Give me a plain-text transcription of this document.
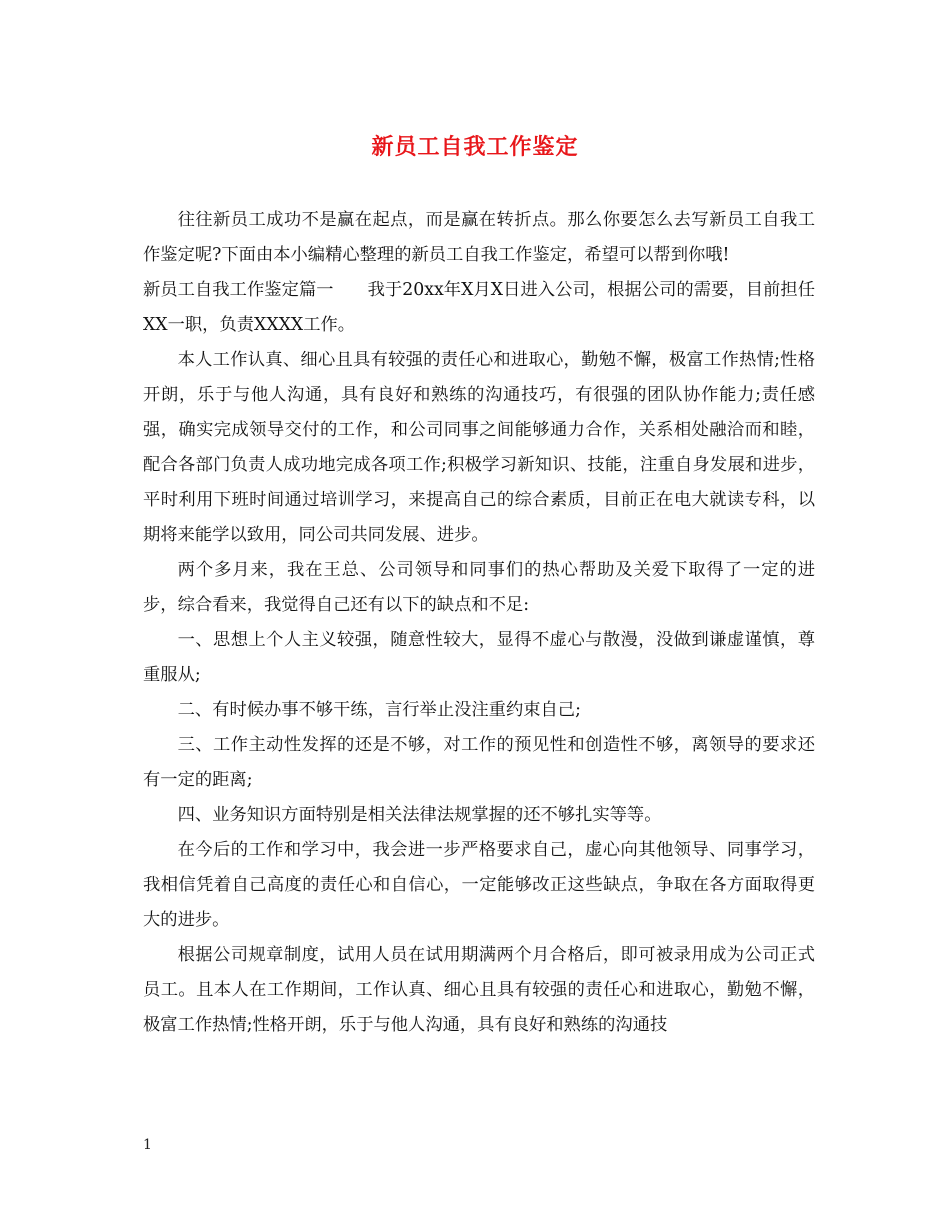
新员工自我工作鉴定

往往新员工成功不是赢在起点，而是赢在转折点。那么你要怎么去写新员工自我工作鉴定呢?下面由本小编精心整理的新员工自我工作鉴定，希望可以帮到你哦!

新员工自我工作鉴定篇一 我于20xx年X月X日进入公司，根据公司的需要，目前担任XX一职，负责XXXX工作。

本人工作认真、细心且具有较强的责任心和进取心，勤勉不懈，极富工作热情;性格开朗，乐于与他人沟通，具有良好和熟练的沟通技巧，有很强的团队协作能力;责任感强，确实完成领导交付的工作，和公司同事之间能够通力合作，关系相处融洽而和睦，配合各部门负责人成功地完成各项工作;积极学习新知识、技能，注重自身发展和进步，平时利用下班时间通过培训学习，来提高自己的综合素质，目前正在电大就读专科，以期将来能学以致用，同公司共同发展、进步。

两个多月来，我在王总、公司领导和同事们的热心帮助及关爱下取得了一定的进步，综合看来，我觉得自己还有以下的缺点和不足:

一、思想上个人主义较强，随意性较大，显得不虚心与散漫，没做到谦虚谨慎，尊重服从;

二、有时候办事不够干练，言行举止没注重约束自己;

三、工作主动性发挥的还是不够，对工作的预见性和创造性不够，离领导的要求还有一定的距离;

四、业务知识方面特别是相关法律法规掌握的还不够扎实等等。

在今后的工作和学习中，我会进一步严格要求自己，虚心向其他领导、同事学习，我相信凭着自己高度的责任心和自信心，一定能够改正这些缺点，争取在各方面取得更大的进步。

根据公司规章制度，试用人员在试用期满两个月合格后，即可被录用成为公司正式员工。且本人在工作期间，工作认真、细心且具有较强的责任心和进取心，勤勉不懈，极富工作热情;性格开朗，乐于与他人沟通，具有良好和熟练的沟通技

1
